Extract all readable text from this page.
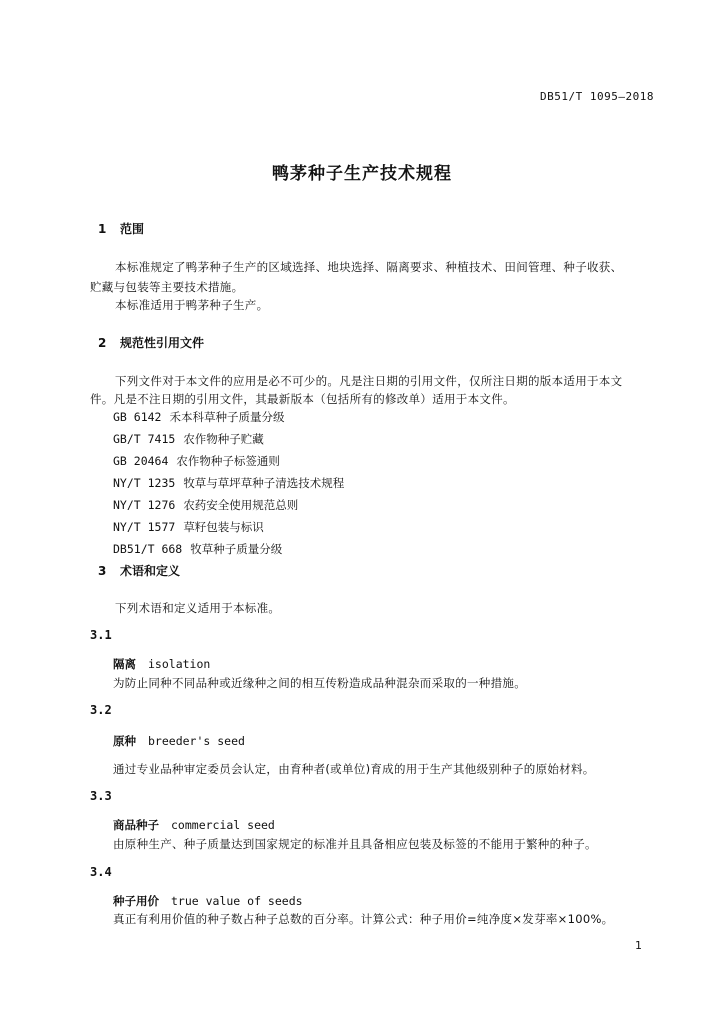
DB51/T 1095—2018
鸭茅种子生产技术规程
1 范围
本标准规定了鸭茅种子生产的区域选择、地块选择、隔离要求、种植技术、田间管理、种子收获、
贮藏与包装等主要技术措施。
本标准适用于鸭茅种子生产。
2 规范性引用文件
下列文件对于本文件的应用是必不可少的。凡是注日期的引用文件，仅所注日期的版本适用于本文
件。凡是不注日期的引用文件，其最新版本（包括所有的修改单）适用于本文件。
GB 6142 禾本科草种子质量分级
GB/T 7415 农作物种子贮藏
GB 20464 农作物种子标签通则
NY/T 1235 牧草与草坪草种子清选技术规程
NY/T 1276 农药安全使用规范总则
NY/T 1577 草籽包装与标识
DB51/T 668 牧草种子质量分级
3 术语和定义
下列术语和定义适用于本标准。
3.1
隔离 isolation
为防止同种不同品种或近缘种之间的相互传粉造成品种混杂而采取的一种措施。
3.2
原种 breeder's seed
通过专业品种审定委员会认定，由育种者(或单位)育成的用于生产其他级别种子的原始材料。
3.3
商品种子 commercial seed
由原种生产、种子质量达到国家规定的标准并且具备相应包装及标签的不能用于繁种的种子。
3.4
种子用价 true value of seeds
真正有利用价值的种子数占种子总数的百分率。计算公式：种子用价=纯净度×发芽率×100%。
1
